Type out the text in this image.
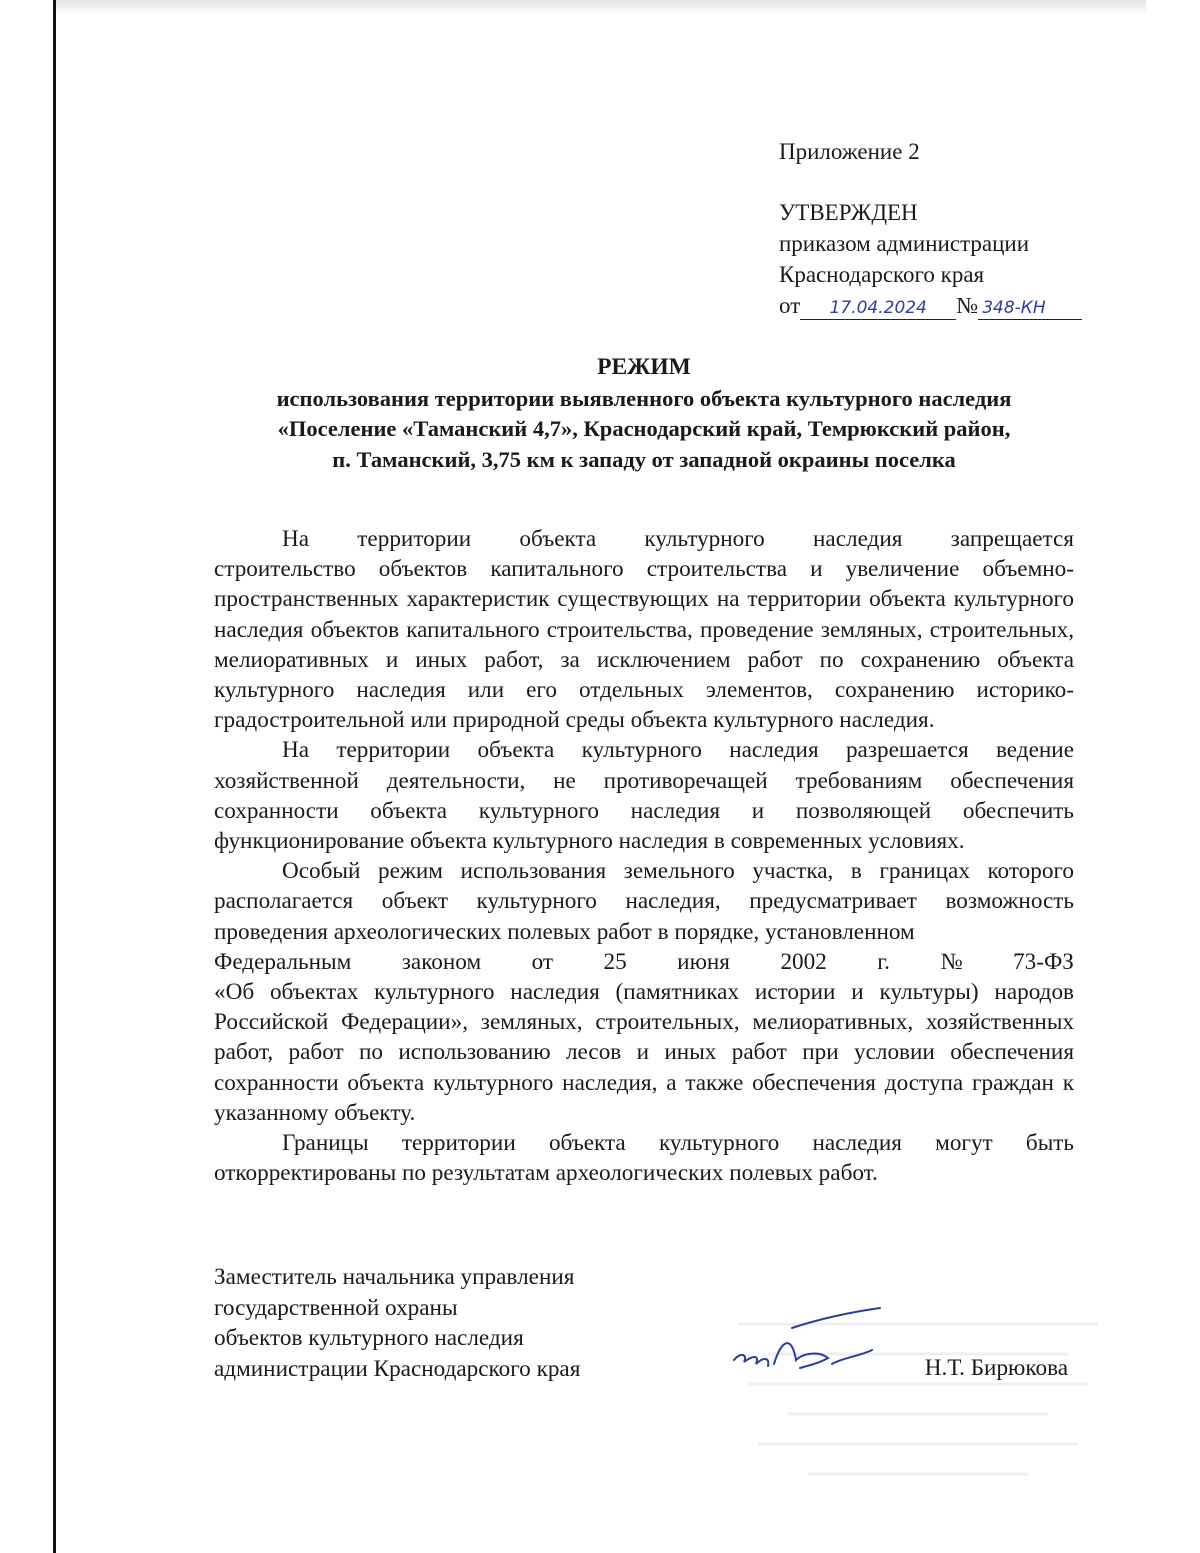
Приложение 2
УТВЕРЖДЕН
приказом администрации
Краснодарского края
от 17.04.2024 № 348-КН
РЕЖИМ
использования территории выявленного объекта культурного наследия
«Поселение «Таманский 4,7», Краснодарский край, Темрюкский район,
п. Таманский, 3,75 км к западу от западной окраины поселка
На территории объекта культурного наследия запрещается

строительство объектов капитального строительства и увеличение объемно-пространственных характеристик существующих на территории объекта культурного наследия объектов капитального строительства, проведение земляных, строительных, мелиоративных и иных работ, за исключением работ по сохранению объекта культурного наследия или его отдельных элементов, сохранению историко-градостроительной или природной среды объекта культурного наследия.

На территории объекта культурного наследия разрешается ведение хозяйственной деятельности, не противоречащей требованиям обеспечения сохранности объекта культурного наследия и позволяющей обеспечить функционирование объекта культурного наследия в современных условиях.

Особый режим использования земельного участка, в границах которого располагается объект культурного наследия, предусматривает возможность проведения археологических полевых работ в порядке, установленном

Федеральным законом от 25 июня 2002 г. № 73-ФЗ

«Об объектах культурного наследия (памятниках истории и культуры) народов Российской Федерации», земляных, строительных, мелиоративных, хозяйственных работ, работ по использованию лесов и иных работ при условии обеспечения сохранности объекта культурного наследия, а также обеспечения доступа граждан к указанному объекту.

Границы территории объекта культурного наследия могут быть откорректированы по результатам археологических полевых работ.

Заместитель начальника управления
государственной охраны
объектов культурного наследия
администрации Краснодарского края	Н.Т. Бирюкова
